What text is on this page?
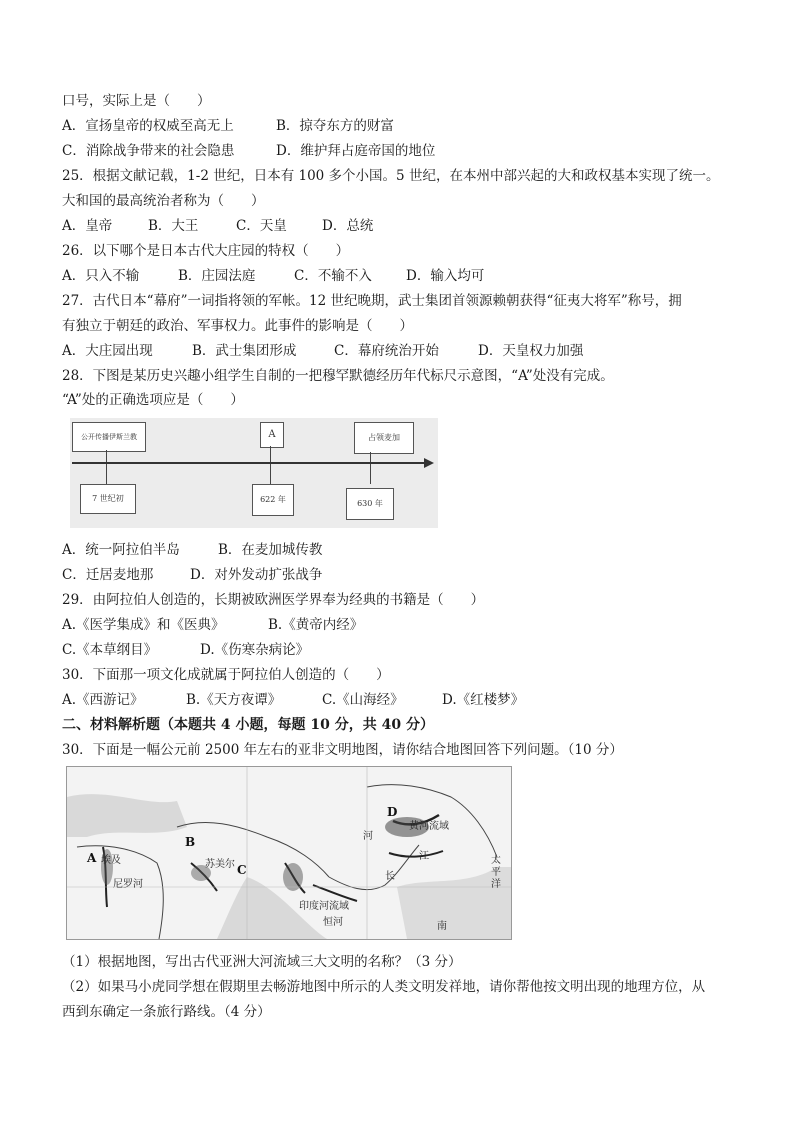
口号，实际上是（　　）
A．宣扬皇帝的权威至高无上	B．掠夺东方的财富
C．消除战争带来的社会隐患	D．维护拜占庭帝国的地位
25．根据文献记载，1-2 世纪，日本有 100 多个小国。5 世纪，在本州中部兴起的大和政权基本实现了统一。
大和国的最高统治者称为（　　）
A．皇帝	B．大王	C．天皇	D．总统
26．以下哪个是日本古代大庄园的特权（　　）
A．只入不输	B．庄园法庭	C．不输不入	D．输入均可
27．古代日本“幕府”一词指将领的军帐。12 世纪晚期，武士集团首领源赖朝获得“征夷大将军”称号，拥
有独立于朝廷的政治、军事权力。此事件的影响是（　　）
A．大庄园出现	B．武士集团形成	C．幕府统治开始	D．天皇权力加强
28．下图是某历史兴趣小组学生自制的一把穆罕默德经历年代标尺示意图，“A”处没有完成。
“A”处的正确选项应是（　　）
公开传播伊斯兰教	A	占领麦加
7 世纪初	622 年	630 年
A．统一阿拉伯半岛	B．在麦加城传教
C．迁居麦地那	D．对外发动扩张战争
29．由阿拉伯人创造的，长期被欧洲医学界奉为经典的书籍是（　　）
A.《医学集成》和《医典》	B.《黄帝内经》
C.《本草纲目》	D.《伤寒杂病论》
30．下面那一项文化成就属于阿拉伯人创造的（　　）
A.《西游记》	B.《天方夜谭》	C.《山海经》	D.《红楼梦》
二、材料解析题（本题共 4 小题，每题 10 分，共 40 分）
30．下面是一幅公元前 2500 年左右的亚非文明地图，请你结合地图回答下列问题。（10 分）
A 埃及
尼罗河
B
苏美尔 C
印度河流域
恒河
D
黄河流域
河
长
江
南
太平洋
（1）根据地图，写出古代亚洲大河流域三大文明的名称？（3 分）
（2）如果马小虎同学想在假期里去畅游地图中所示的人类文明发祥地，请你帮他按文明出现的地理方位，从
西到东确定一条旅行路线。（4 分）
